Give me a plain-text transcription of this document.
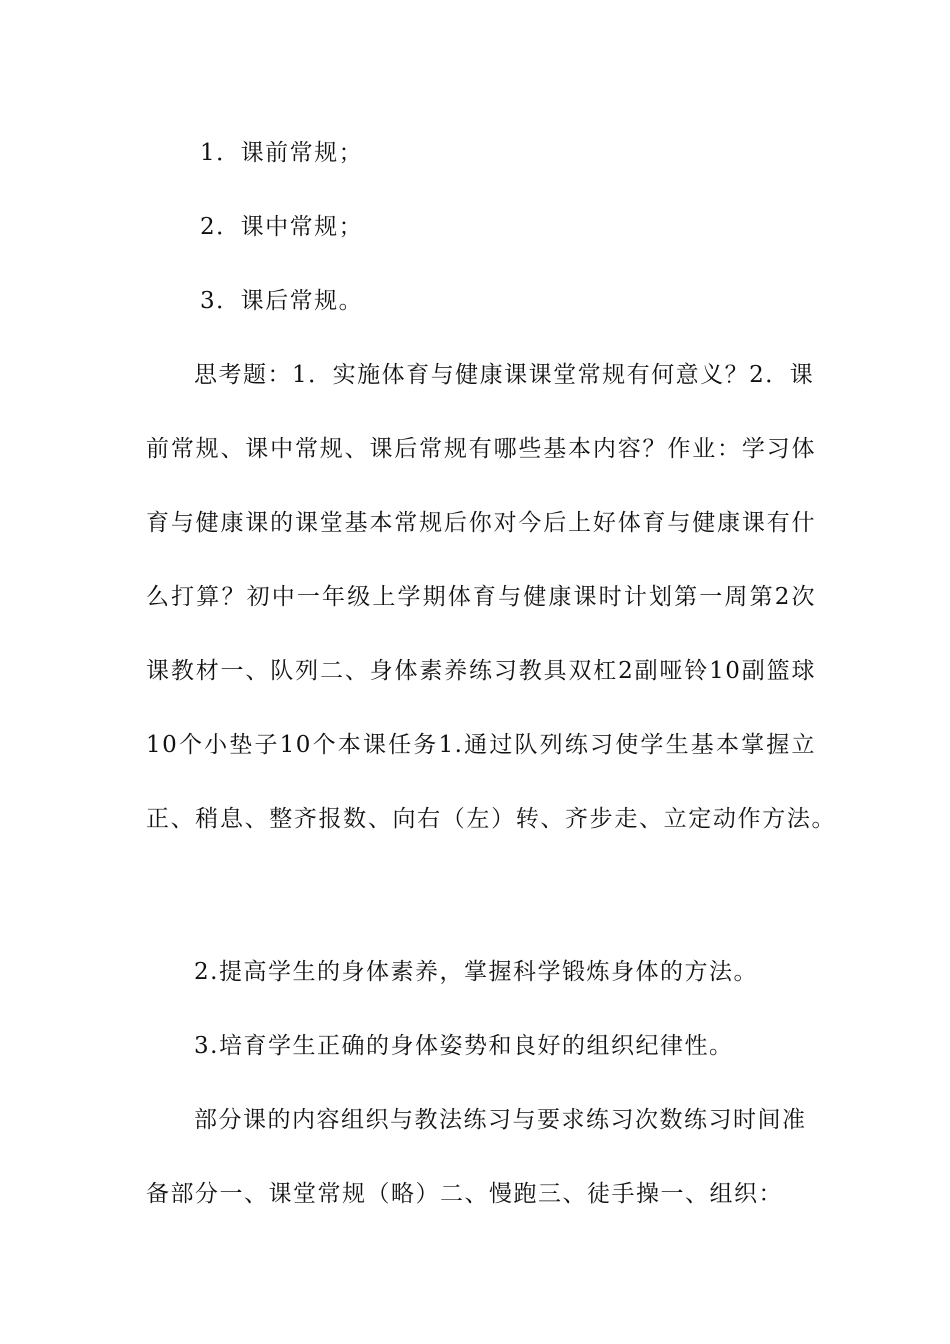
1．课前常规；
2．课中常规；
3．课后常规。
思考题：1．实施体育与健康课课堂常规有何意义？2．课
前常规、课中常规、课后常规有哪些基本内容？作业：学习体
育与健康课的课堂基本常规后你对今后上好体育与健康课有什
么打算？初中一年级上学期体育与健康课时计划第一周第2次
课教材一、队列二、身体素养练习教具双杠2副哑铃10副篮球
10个小垫子10个本课任务1.通过队列练习使学生基本掌握立
正、稍息、整齐报数、向右（左）转、齐步走、立定动作方法。
2.提高学生的身体素养，掌握科学锻炼身体的方法。
3.培育学生正确的身体姿势和良好的组织纪律性。
部分课的内容组织与教法练习与要求练习次数练习时间准
备部分一、课堂常规（略）二、慢跑三、徒手操一、组织：
